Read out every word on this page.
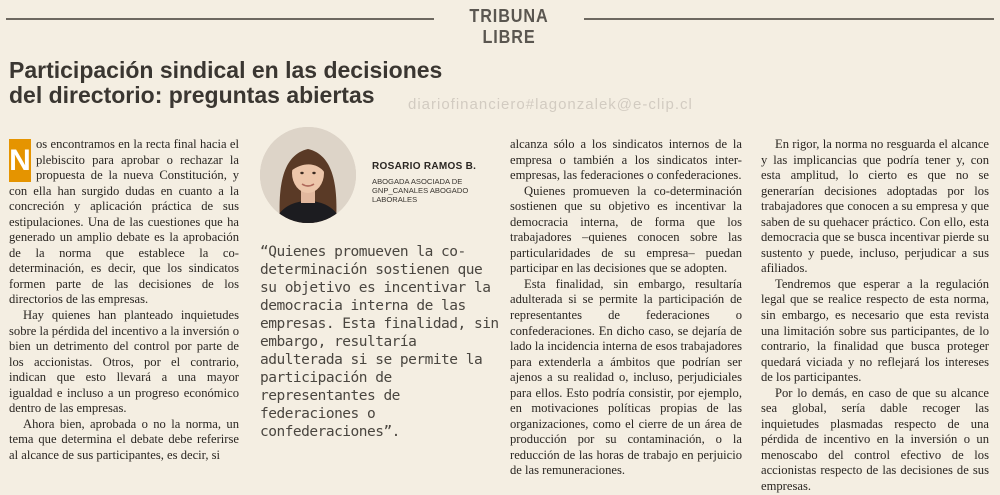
TRIBUNA LIBRE
Participación sindical en las decisiones del directorio: preguntas abiertas	diariofinanciero#lagonzalek@e-clip.cl

N os encontramos en la recta final hacia el plebiscito para aprobar o rechazar la propuesta de la nueva Constitución, y con ella han surgido dudas en cuanto a la concreción y aplicación práctica de sus estipulaciones. Una de las cuestiones que ha generado un amplio debate es la aprobación de la norma que establece la co-determinación, es decir, que los sindicatos formen parte de las decisiones de los directorios de las empresas.

Hay quienes han planteado inquietudes sobre la pérdida del incentivo a la inversión o bien un detrimento del control por parte de los accionistas. Otros, por el contrario, indican que esto llevará a una mayor igualdad e incluso a un progreso económico dentro de las empresas.

Ahora bien, aprobada o no la norma, un tema que determina el debate debe referirse al alcance de sus participantes, es decir, si

ROSARIO RAMOS B.
ABOGADA ASOCIADA DE GNP_CANALES ABOGADO LABORALES

“Quienes promueven la co-determinación sostienen que su objetivo es incentivar la democracia interna de las empresas. Esta finalidad, sin embargo, resultaría adulterada si se permite la participación de representantes de federaciones o confederaciones”.

alcanza sólo a los sindicatos internos de la empresa o también a los sindicatos inter-empresas, las federaciones o confederaciones.

Quienes promueven la co-determinación sostienen que su objetivo es incentivar la democracia interna, de forma que los trabajadores –quienes conocen sobre las particularidades de su empresa– puedan participar en las decisiones que se adopten.

Esta finalidad, sin embargo, resultaría adulterada si se permite la participación de representantes de federaciones o confederaciones. En dicho caso, se dejaría de lado la incidencia interna de esos trabajadores para extenderla a ámbitos que podrían ser ajenos a su realidad o, incluso, perjudiciales para ellos. Esto podría consistir, por ejemplo, en motivaciones políticas propias de las organizaciones, como el cierre de un área de producción por su contaminación, o la reducción de las horas de trabajo en perjuicio de las remuneraciones.

En rigor, la norma no resguarda el alcance y las implicancias que podría tener y, con esta amplitud, lo cierto es que no se generarían decisiones adoptadas por los trabajadores que conocen a su empresa y que saben de su quehacer práctico. Con ello, esta democracia que se busca incentivar pierde su sustento y puede, incluso, perjudicar a sus afiliados.

Tendremos que esperar a la regulación legal que se realice respecto de esta norma, sin embargo, es necesario que esta revista una limitación sobre sus participantes, de lo contrario, la finalidad que busca proteger quedará viciada y no reflejará los intereses de los participantes.

Por lo demás, en caso de que su alcance sea global, sería dable recoger las inquietudes plasmadas respecto de una pérdida de incentivo en la inversión o un menoscabo del control efectivo de los accionistas respecto de las decisiones de sus empresas.
